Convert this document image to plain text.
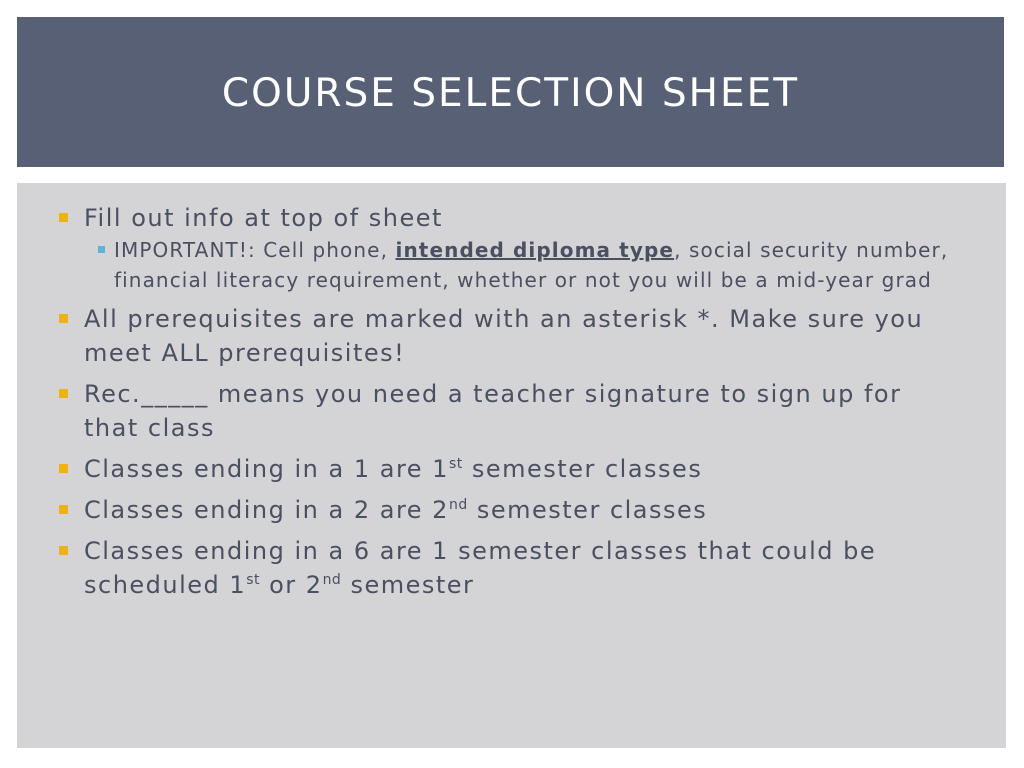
COURSE SELECTION SHEET
Fill out info at top of sheet
IMPORTANT!: Cell phone, intended diploma type, social security number, financial literacy requirement, whether or not you will be a mid-year grad
All prerequisites are marked with an asterisk *. Make sure you meet ALL prerequisites!
Rec._____ means you need a teacher signature to sign up for that class
Classes ending in a 1 are 1st semester classes
Classes ending in a 2 are 2nd semester classes
Classes ending in a 6 are 1 semester classes that could be scheduled 1st or 2nd semester
